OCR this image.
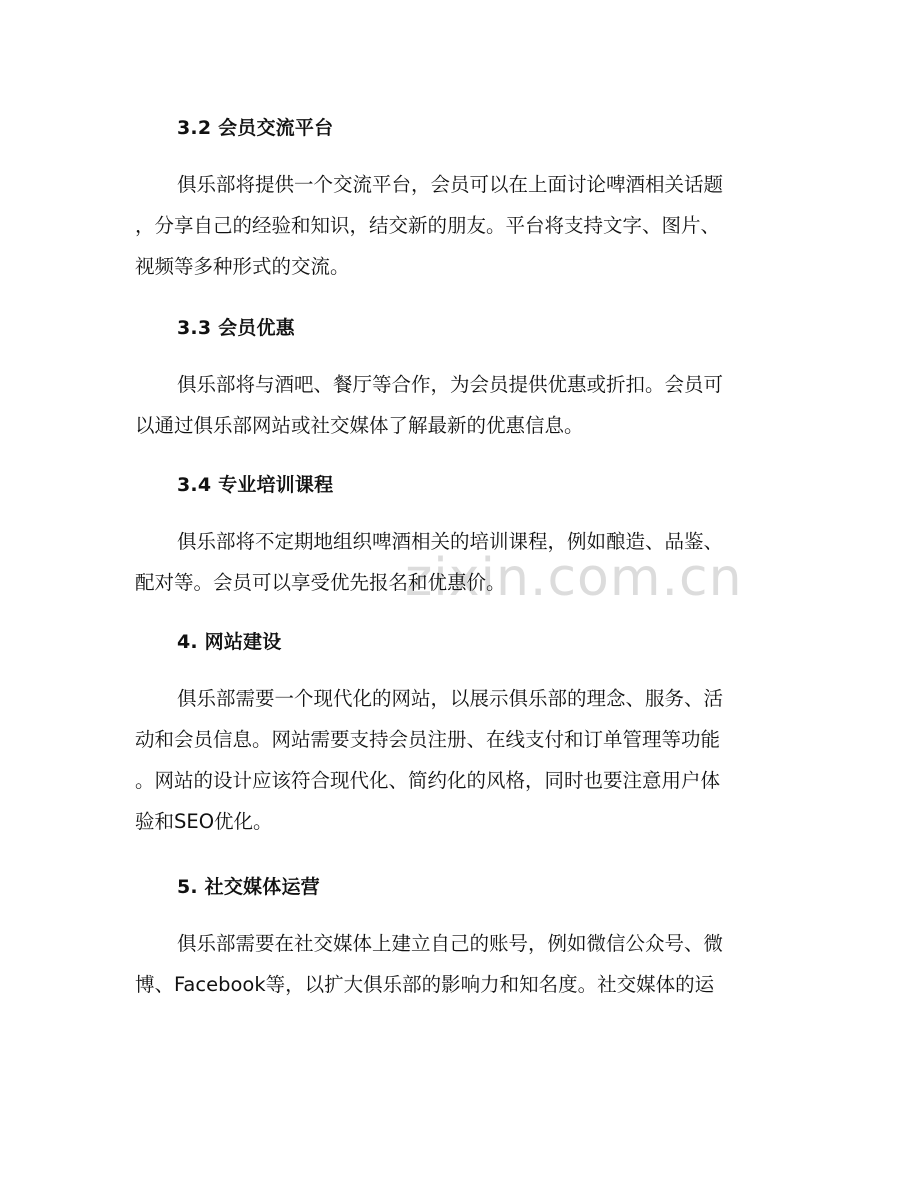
zixin.com.cn
3.2 会员交流平台
俱乐部将提供一个交流平台，会员可以在上面讨论啤酒相关话题
，分享自己的经验和知识，结交新的朋友。平台将支持文字、图片、
视频等多种形式的交流。
3.3 会员优惠
俱乐部将与酒吧、餐厅等合作，为会员提供优惠或折扣。会员可
以通过俱乐部网站或社交媒体了解最新的优惠信息。
3.4 专业培训课程
俱乐部将不定期地组织啤酒相关的培训课程，例如酿造、品鉴、
配对等。会员可以享受优先报名和优惠价。
4. 网站建设
俱乐部需要一个现代化的网站，以展示俱乐部的理念、服务、活
动和会员信息。网站需要支持会员注册、在线支付和订单管理等功能
。网站的设计应该符合现代化、简约化的风格，同时也要注意用户体
验和SEO优化。
5. 社交媒体运营
俱乐部需要在社交媒体上建立自己的账号，例如微信公众号、微
博、Facebook等，以扩大俱乐部的影响力和知名度。社交媒体的运
